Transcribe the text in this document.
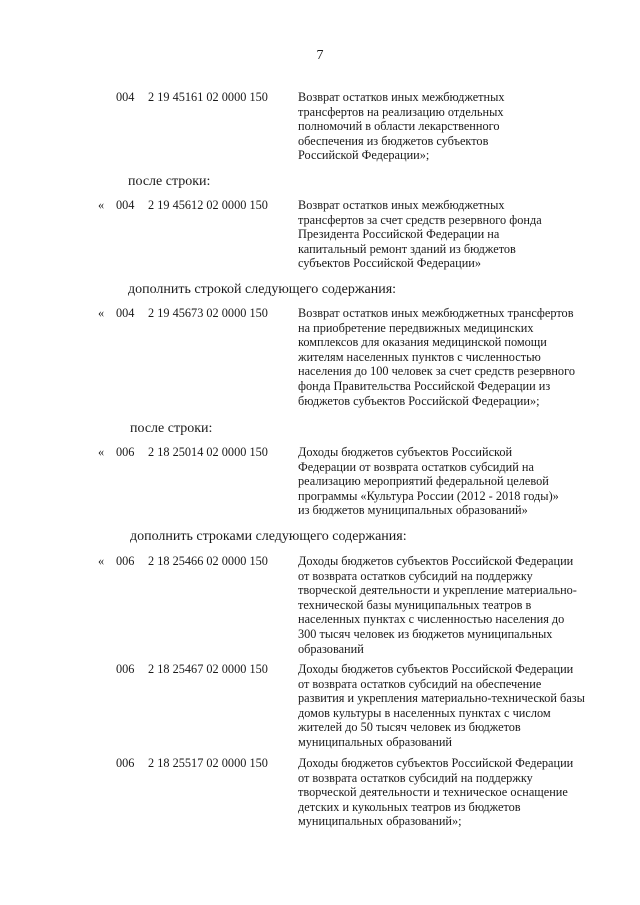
7
004 2 19 45161 02 0000 150 Возврат остатков иных межбюджетных
трансфертов на реализацию отдельных
полномочий в области лекарственного
обеспечения из бюджетов субъектов
Российской Федерации»;
после строки:
« 004 2 19 45612 02 0000 150 Возврат остатков иных межбюджетных
трансфертов за счет средств резервного фонда
Президента Российской Федерации на
капитальный ремонт зданий из бюджетов
субъектов Российской Федерации»
дополнить строкой следующего содержания:
« 004 2 19 45673 02 0000 150 Возврат остатков иных межбюджетных трансфертов
на приобретение передвижных медицинских
комплексов для оказания медицинской помощи
жителям населенных пунктов с численностью
населения до 100 человек за счет средств резервного
фонда Правительства Российской Федерации из
бюджетов субъектов Российской Федерации»;
после строки:
« 006 2 18 25014 02 0000 150 Доходы бюджетов субъектов Российской
Федерации от возврата остатков субсидий на
реализацию мероприятий федеральной целевой
программы «Культура России (2012 - 2018 годы)»
из бюджетов муниципальных образований»
дополнить строками следующего содержания:
« 006 2 18 25466 02 0000 150 Доходы бюджетов субъектов Российской Федерации
от возврата остатков субсидий на поддержку
творческой деятельности и укрепление материально-
технической базы муниципальных театров в
населенных пунктах с численностью населения до
300 тысяч человек из бюджетов муниципальных
образований
006 2 18 25467 02 0000 150 Доходы бюджетов субъектов Российской Федерации
от возврата остатков субсидий на обеспечение
развития и укрепления материально-технической базы
домов культуры в населенных пунктах с числом
жителей до 50 тысяч человек из бюджетов
муниципальных образований
006 2 18 25517 02 0000 150 Доходы бюджетов субъектов Российской Федерации
от возврата остатков субсидий на поддержку
творческой деятельности и техническое оснащение
детских и кукольных театров из бюджетов
муниципальных образований»;
